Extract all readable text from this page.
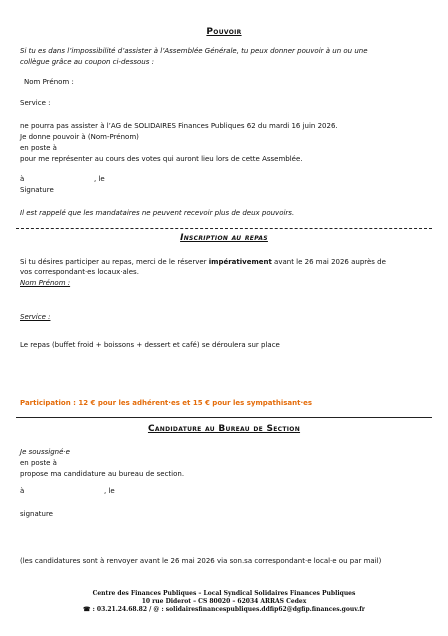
Pouvoir
Si tu es dans l’impossibilité d’assister à l’Assemblée Générale, tu peux donner pouvoir à un ou une
collègue grâce au coupon ci-dessous :
Nom Prénom :
Service :
ne pourra pas assister à l’AG de SOLIDAIRES Finances Publiques 62 du mardi 16 juin 2026.
Je donne pouvoir à (Nom-Prénom)
en poste à
pour me représenter au cours des votes qui auront lieu lors de cette Assemblée.
à	, le
Signature
Il est rappelé que les mandataires ne peuvent recevoir plus de deux pouvoirs.
Inscription au repas
Si tu désires participer au repas, merci de le réserver impérativement avant le 26 mai 2026 auprès de
vos correspondant·es locaux·ales.
Nom Prénom :
Service :
Le repas (buffet froid + boissons + dessert et café) se déroulera sur place
Participation : 12 € pour les adhérent·es et 15 € pour les sympathisant·es
Candidature au Bureau de Section
Je soussigné·e
en poste à
propose ma candidature au bureau de section.
à	, le
signature
(les candidatures sont à renvoyer avant le 26 mai 2026 via son.sa correspondant·e local·e ou par mail)
Centre des Finances Publiques – Local Syndical Solidaires Finances Publiques
10 rue Diderot – CS 80020 – 62034 ARRAS Cedex
☎ : 03.21.24.68.82 / @ : solidairesfinancespubliques.ddfip62@dgfip.finances.gouv.fr
